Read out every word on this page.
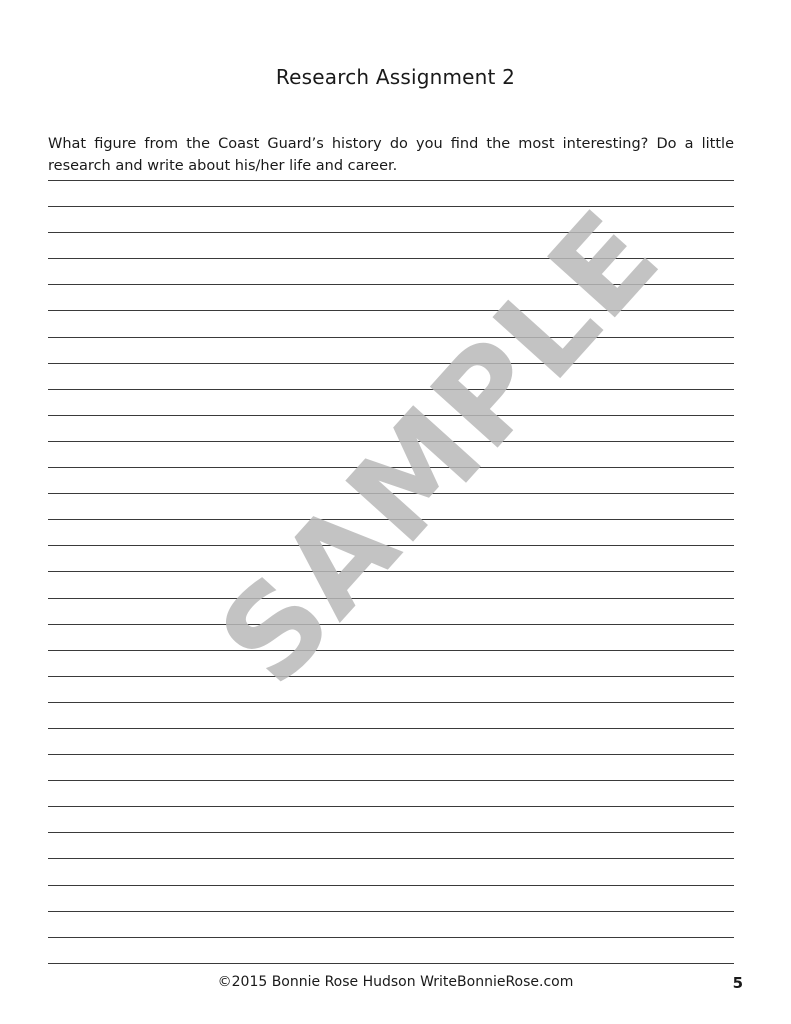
Research Assignment 2

What figure from the Coast Guard’s history do you find the most interesting? Do a little research and write about his/her life and career.

SAMPLE
©2015 Bonnie Rose Hudson WriteBonnieRose.com	5
